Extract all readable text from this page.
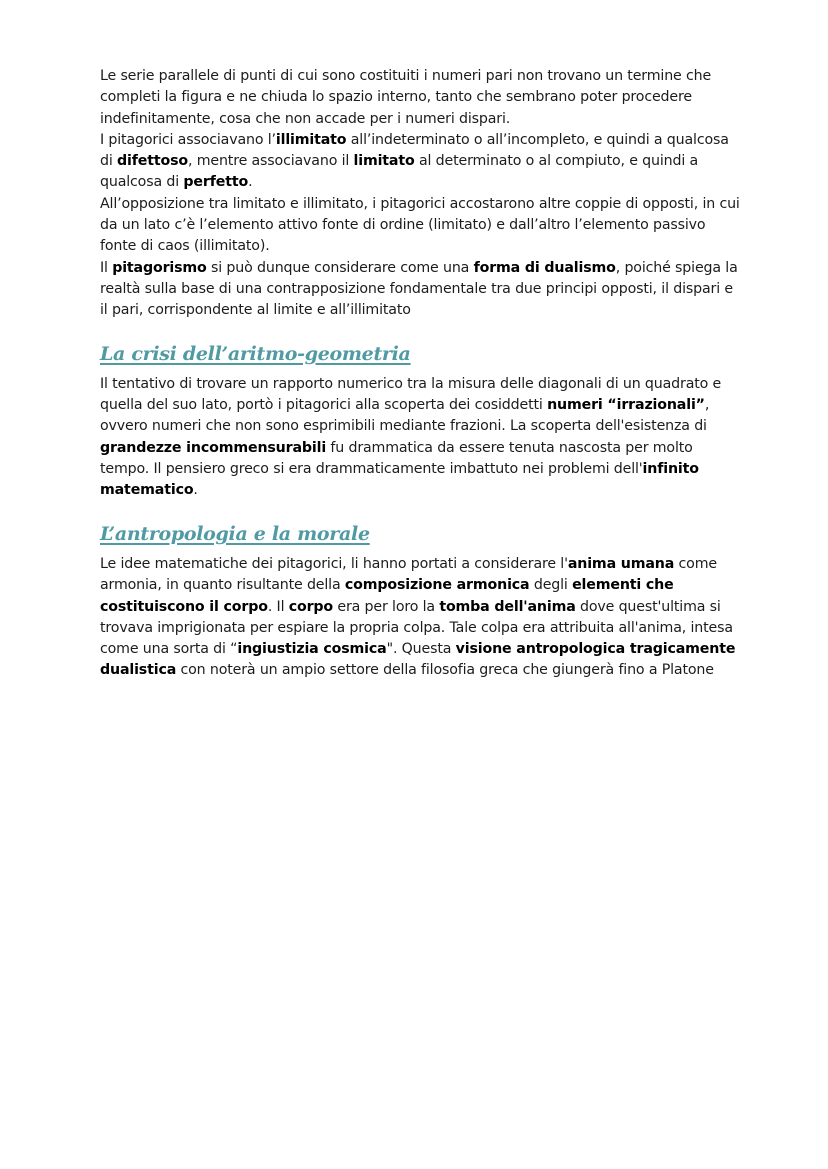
Le serie parallele di punti di cui sono costituiti i numeri pari non trovano un termine che completi la figura e ne chiuda lo spazio interno, tanto che sembrano poter procedere indefinitamente, cosa che non accade per i numeri dispari.

I pitagorici associavano l’illimitato all’indeterminato o all’incompleto, e quindi a qualcosa di difettoso, mentre associavano il limitato al determinato o al compiuto, e quindi a qualcosa di perfetto.

All’opposizione tra limitato e illimitato, i pitagorici accostarono altre coppie di opposti, in cui da un lato c’è l’elemento attivo fonte di ordine (limitato) e dall’altro l’elemento passivo fonte di caos (illimitato).

Il pitagorismo si può dunque considerare come una forma di dualismo, poiché spiega la realtà sulla base di una contrapposizione fondamentale tra due principi opposti, il dispari e il pari, corrispondente al limite e all’illimitato

La crisi dell’aritmo-geometria

Il tentativo di trovare un rapporto numerico tra la misura delle diagonali di un quadrato e quella del suo lato, portò i pitagorici alla scoperta dei cosiddetti numeri “irrazionali”, ovvero numeri che non sono esprimibili mediante frazioni. La scoperta dell'esistenza di grandezze incommensurabili fu drammatica da essere tenuta nascosta per molto tempo. Il pensiero greco si era drammaticamente imbattuto nei problemi dell'infinito matematico.

L’antropologia e la morale

Le idee matematiche dei pitagorici, li hanno portati a considerare l'anima umana come armonia, in quanto risultante della composizione armonica degli elementi che costituiscono il corpo. Il corpo era per loro la tomba dell'anima dove quest'ultima si trovava imprigionata per espiare la propria colpa. Tale colpa era attribuita all'anima, intesa come una sorta di “ingiustizia cosmica". Questa visione antropologica tragicamente dualistica con noterà un ampio settore della filosofia greca che giungerà fino a Platone
